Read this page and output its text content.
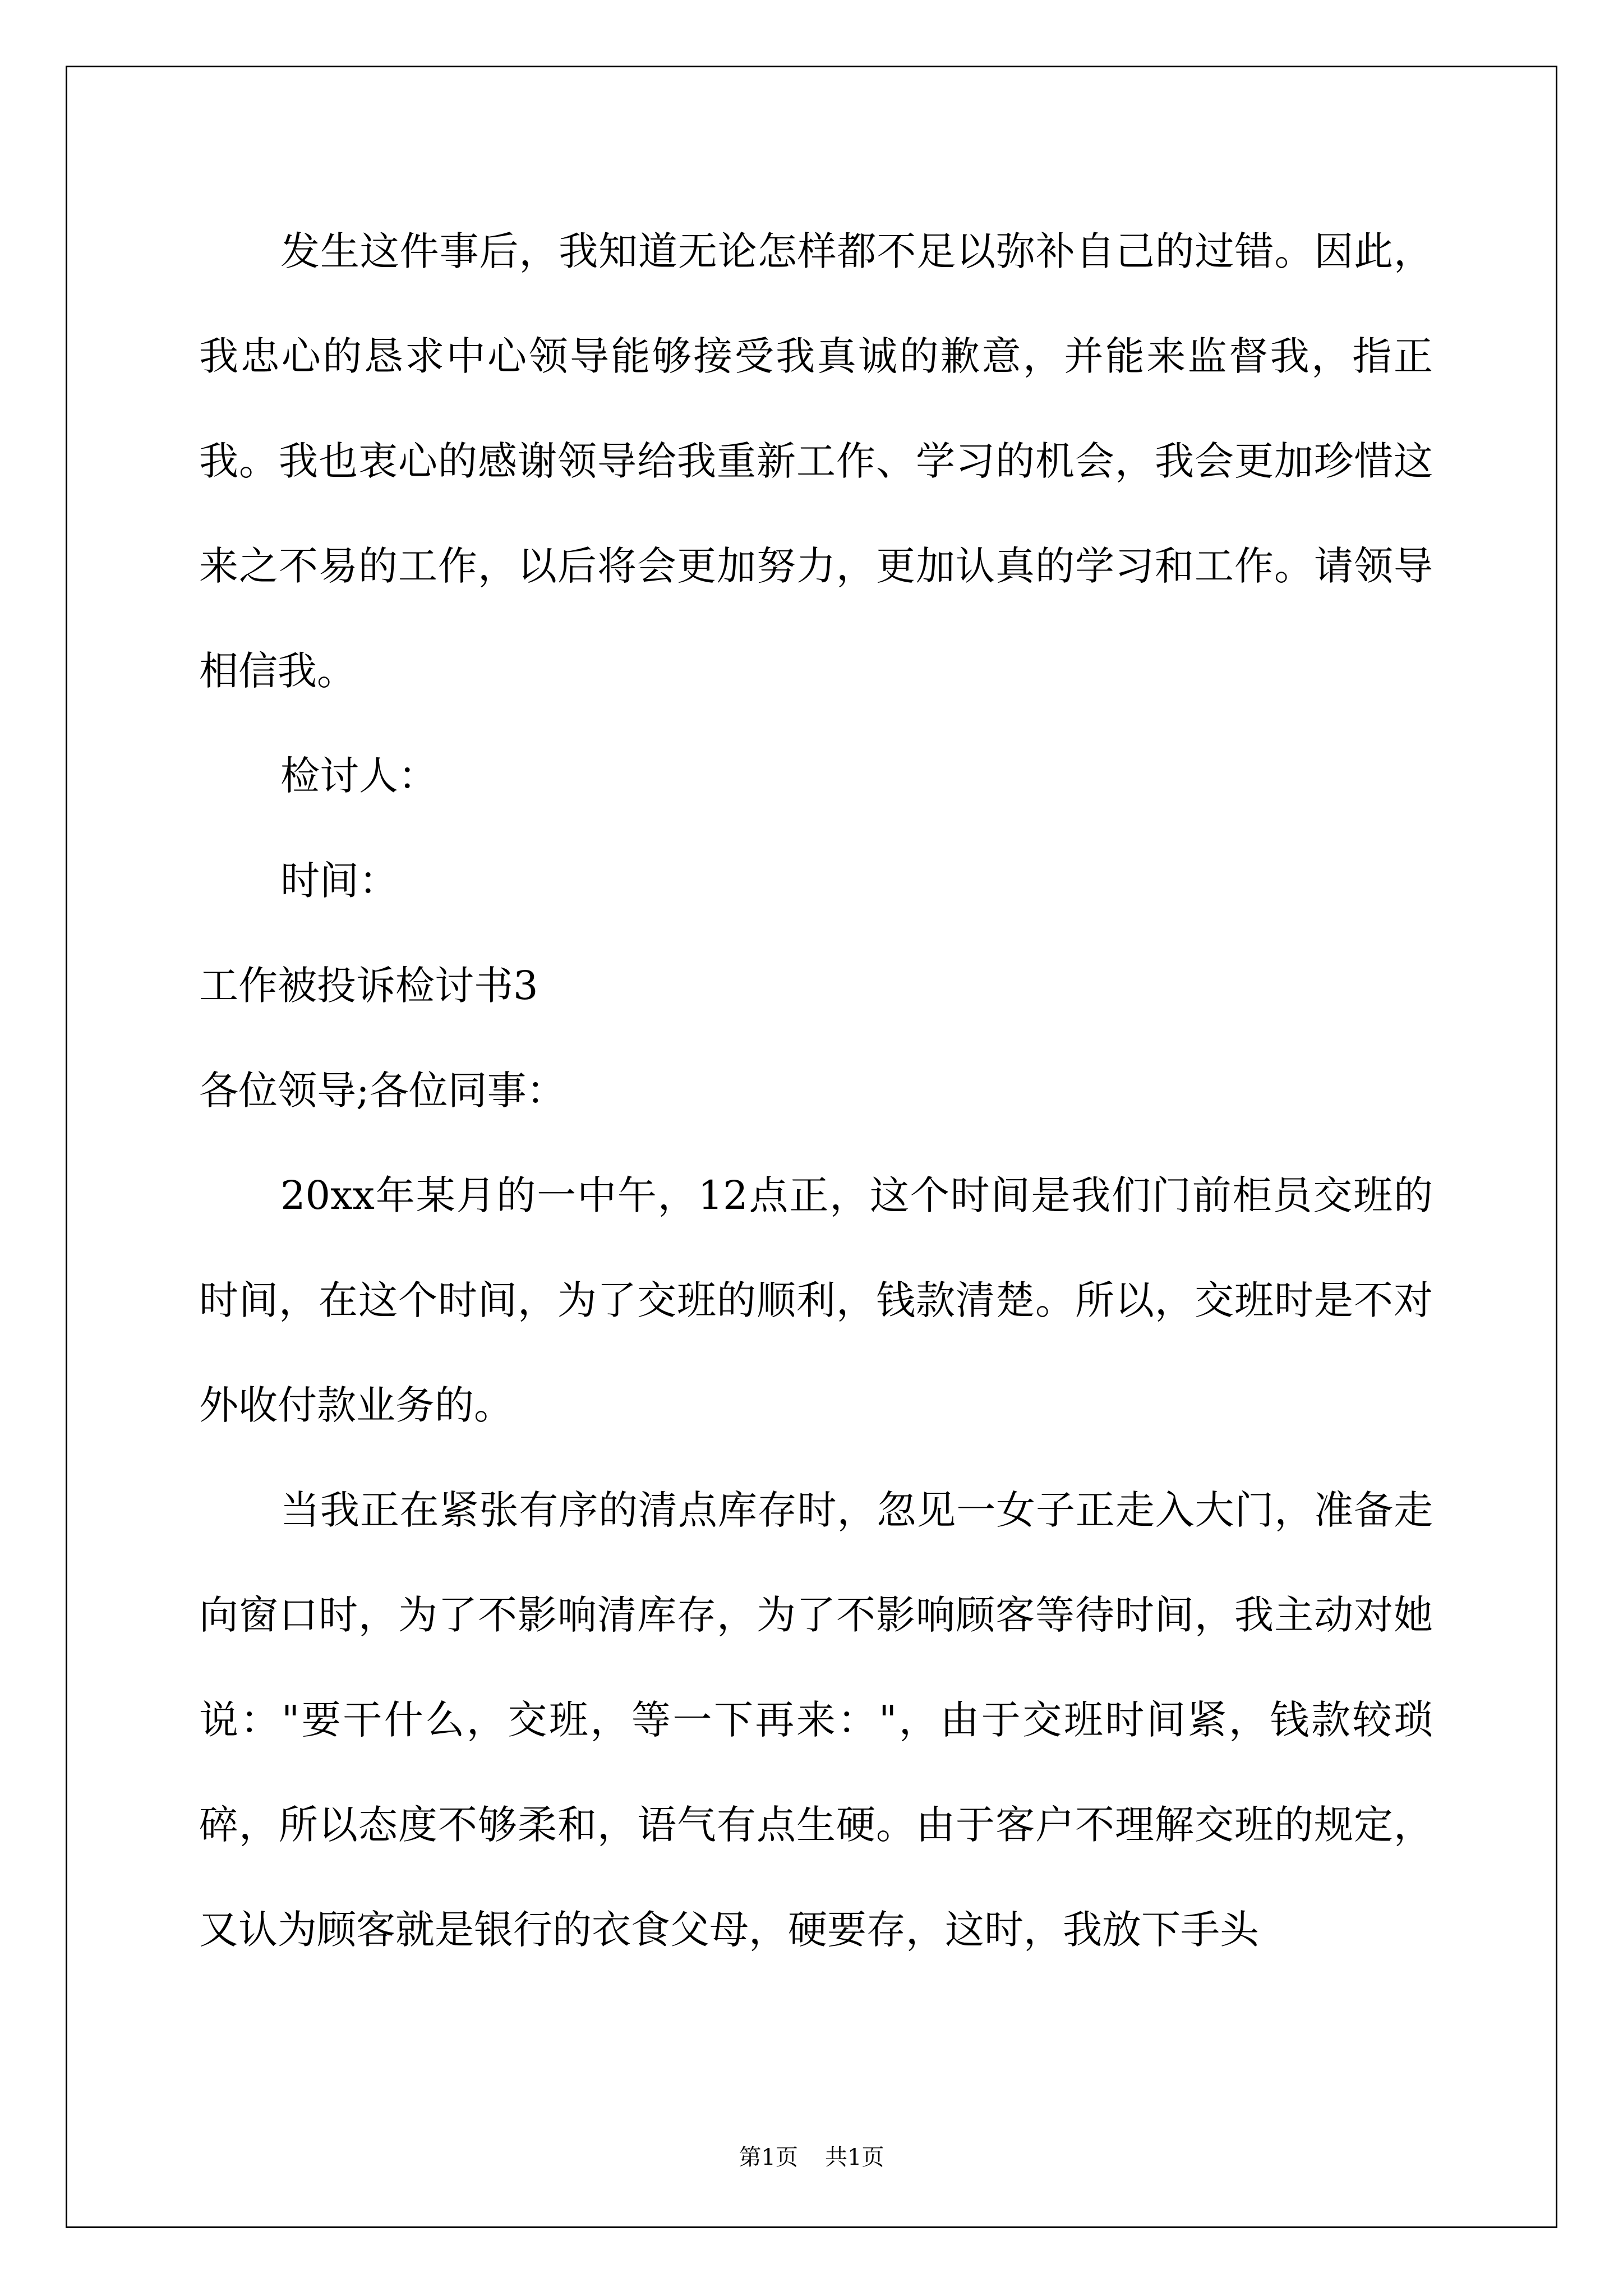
发生这件事后，我知道无论怎样都不足以弥补自己的过错。因此，我忠心的恳求中心领导能够接受我真诚的歉意，并能来监督我，指正我。我也衷心的感谢领导给我重新工作、学习的机会，我会更加珍惜这来之不易的工作，以后将会更加努力，更加认真的学习和工作。请领导相信我。

检讨人：

时间：

工作被投诉检讨书3

各位领导;各位同事：

20xx年某月的一中午，12点正，这个时间是我们门前柜员交班的时间，在这个时间，为了交班的顺利，钱款清楚。所以，交班时是不对外收付款业务的。

当我正在紧张有序的清点库存时，忽见一女子正走入大门，准备走向窗口时，为了不影响清库存，为了不影响顾客等待时间，我主动对她说："要干什么，交班，等一下再来："，由于交班时间紧，钱款较琐碎，所以态度不够柔和，语气有点生硬。由于客户不理解交班的规定，又认为顾客就是银行的衣食父母，硬要存，这时，我放下手头

第1页 共1页
